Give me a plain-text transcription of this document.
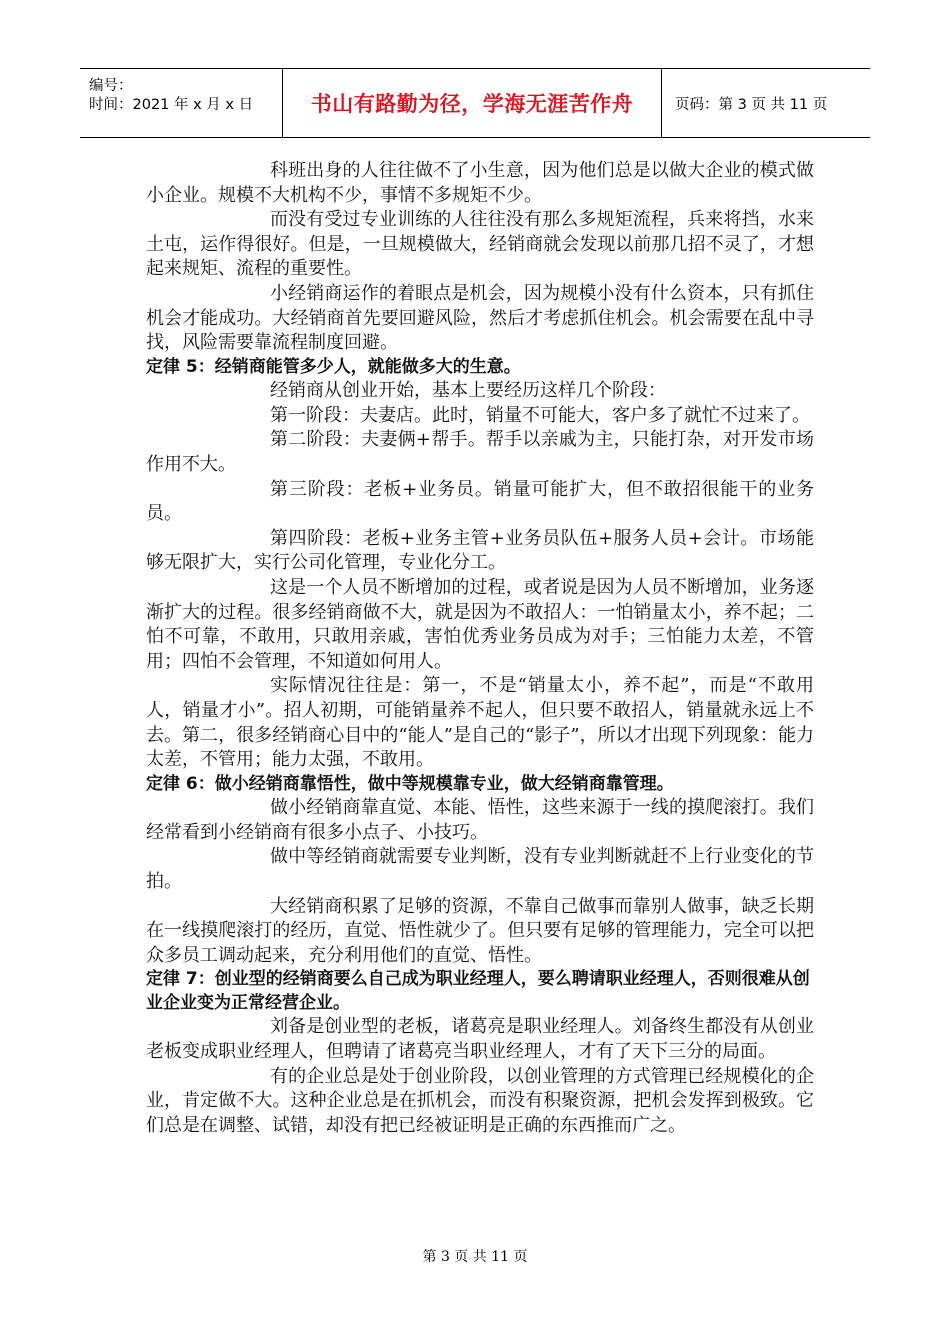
编号：
时间：2021 年 x 月 x 日	书山有路勤为径，学海无涯苦作舟	页码：第 3 页 共 11 页

科班出身的人往往做不了小生意，因为他们总是以做大企业的模式做小企业。规模不大机构不少，事情不多规矩不少。

而没有受过专业训练的人往往没有那么多规矩流程，兵来将挡，水来土屯，运作得很好。但是，一旦规模做大，经销商就会发现以前那几招不灵了，才想起来规矩、流程的重要性。

小经销商运作的着眼点是机会，因为规模小没有什么资本，只有抓住机会才能成功。大经销商首先要回避风险，然后才考虑抓住机会。机会需要在乱中寻找，风险需要靠流程制度回避。

定律 5：经销商能管多少人，就能做多大的生意。

经销商从创业开始，基本上要经历这样几个阶段：

第一阶段：夫妻店。此时，销量不可能大，客户多了就忙不过来了。

第二阶段：夫妻俩+帮手。帮手以亲戚为主，只能打杂，对开发市场作用不大。

第三阶段：老板+业务员。销量可能扩大，但不敢招很能干的业务员。

第四阶段：老板+业务主管+业务员队伍+服务人员+会计。市场能够无限扩大，实行公司化管理，专业化分工。

这是一个人员不断增加的过程，或者说是因为人员不断增加，业务逐渐扩大的过程。很多经销商做不大，就是因为不敢招人：一怕销量太小，养不起；二怕不可靠，不敢用，只敢用亲戚，害怕优秀业务员成为对手；三怕能力太差，不管用；四怕不会管理，不知道如何用人。

实际情况往往是：第一，不是“销量太小，养不起”，而是“不敢用人，销量才小”。招人初期，可能销量养不起人，但只要不敢招人，销量就永远上不去。第二，很多经销商心目中的“能人”是自己的“影子”，所以才出现下列现象：能力太差，不管用；能力太强，不敢用。

定律 6：做小经销商靠悟性，做中等规模靠专业，做大经销商靠管理。

做小经销商靠直觉、本能、悟性，这些来源于一线的摸爬滚打。我们经常看到小经销商有很多小点子、小技巧。

做中等经销商就需要专业判断，没有专业判断就赶不上行业变化的节拍。

大经销商积累了足够的资源，不靠自己做事而靠别人做事，缺乏长期在一线摸爬滚打的经历，直觉、悟性就少了。但只要有足够的管理能力，完全可以把众多员工调动起来，充分利用他们的直觉、悟性。

定律 7：创业型的经销商要么自己成为职业经理人，要么聘请职业经理人，否则很难从创业企业变为正常经营企业。

刘备是创业型的老板，诸葛亮是职业经理人。刘备终生都没有从创业老板变成职业经理人，但聘请了诸葛亮当职业经理人，才有了天下三分的局面。

有的企业总是处于创业阶段，以创业管理的方式管理已经规模化的企业，肯定做不大。这种企业总是在抓机会，而没有积聚资源，把机会发挥到极致。它们总是在调整、试错，却没有把已经被证明是正确的东西推而广之。

第 3 页 共 11 页
